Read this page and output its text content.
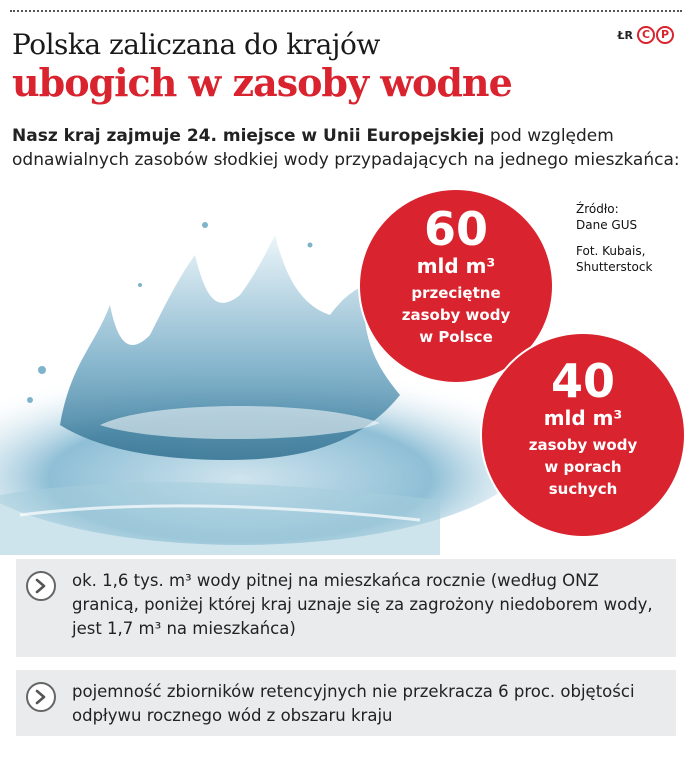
ŁR C P
Polska zaliczana do krajów
ubogich w zasoby wodne
Nasz kraj zajmuje 24. miejsce w Unii Europejskiej pod względem odnawialnych zasobów słodkiej wody przypadających na jednego mieszkańca:

Źródło:
Dane GUS

Fot. Kubais,
Shutterstock

60
mld m³
przeciętne
zasoby wody
w Polsce
40
mld m³
zasoby wody
w porach
suchych
ok. 1,6 tys. m³ wody pitnej na mieszkańca rocznie (według ONZ granicą, poniżej której kraj uznaje się za zagrożony niedoborem wody, jest 1,7 m³ na mieszkańca)
pojemność zbiorników retencyjnych nie przekracza 6 proc. objętości odpływu rocznego wód z obszaru kraju
